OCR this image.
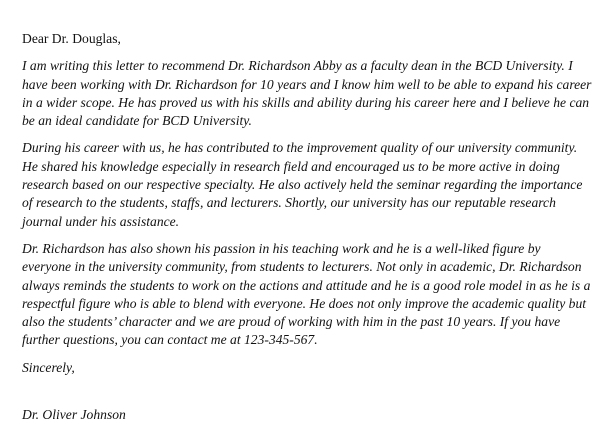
Dear Dr. Douglas,

I am writing this letter to recommend Dr. Richardson Abby as a faculty dean in the BCD University. I have been working with Dr. Richardson for 10 years and I know him well to be able to expand his career in a wider scope. He has proved us with his skills and ability during his career here and I believe he can be an ideal candidate for BCD University.

During his career with us, he has contributed to the improvement quality of our university community. He shared his knowledge especially in research field and encouraged us to be more active in doing research based on our respective specialty. He also actively held the seminar regarding the importance of research to the students, staffs, and lecturers. Shortly, our university has our reputable research journal under his assistance.

Dr. Richardson has also shown his passion in his teaching work and he is a well-liked figure by everyone in the university community, from students to lecturers. Not only in academic, Dr. Richardson always reminds the students to work on the actions and attitude and he is a good role model in as he is a respectful figure who is able to blend with everyone. He does not only improve the academic quality but also the students’ character and we are proud of working with him in the past 10 years. If you have further questions, you can contact me at 123-345-567.

Sincerely,

Dr. Oliver Johnson
